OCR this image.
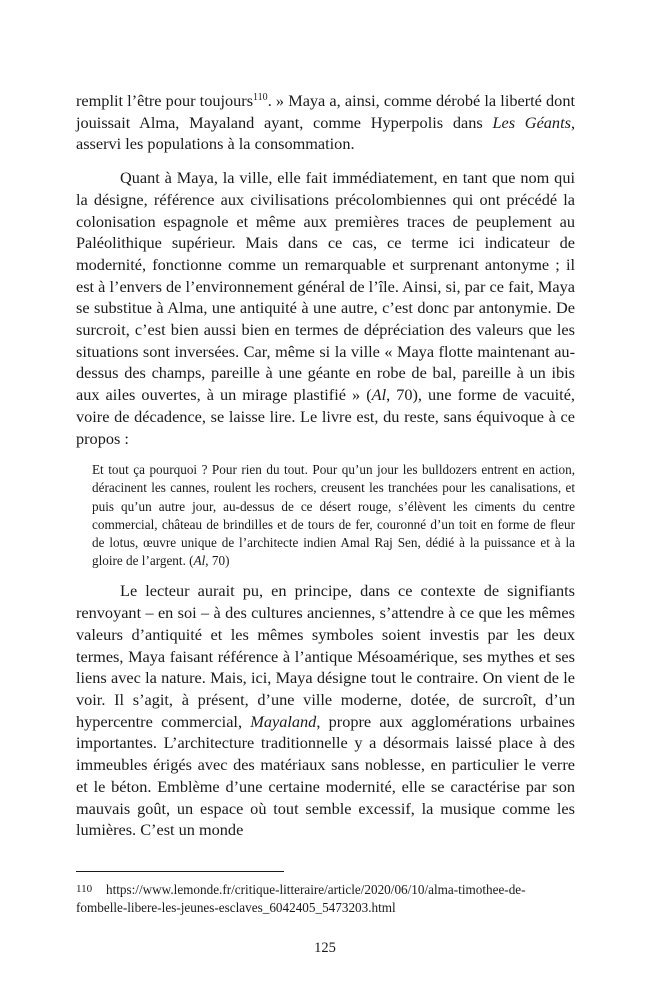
remplit l’être pour toujours$^{110}$. » Maya a, ainsi, comme dérobé la liberté dont jouissait Alma, Mayaland ayant, comme Hyperpolis dans Les Géants, asservi les populations à la consommation.

Quant à Maya, la ville, elle fait immédiatement, en tant que nom qui la désigne, référence aux civilisations précolombiennes qui ont précédé la colonisation espagnole et même aux premières traces de peuplement au Paléolithique supérieur. Mais dans ce cas, ce terme ici indicateur de modernité, fonctionne comme un remarquable et surprenant antonyme ; il est à l’envers de l’environnement général de l’île. Ainsi, si, par ce fait, Maya se substitue à Alma, une antiquité à une autre, c’est donc par antonymie. De surcroit, c’est bien aussi bien en termes de dépréciation des valeurs que les situations sont inversées. Car, même si la ville « Maya flotte maintenant au-dessus des champs, pareille à une géante en robe de bal, pareille à un ibis aux ailes ouvertes, à un mirage plastifié » (Al, 70), une forme de vacuité, voire de décadence, se laisse lire. Le livre est, du reste, sans équivoque à ce propos :

Et tout ça pourquoi ? Pour rien du tout. Pour qu’un jour les bulldozers entrent en action, déracinent les cannes, roulent les rochers, creusent les tranchées pour les canalisations, et puis qu’un autre jour, au-dessus de ce désert rouge, s’élèvent les ciments du centre commercial, château de brindilles et de tours de fer, couronné d’un toit en forme de fleur de lotus, œuvre unique de l’architecte indien Amal Raj Sen, dédié à la puissance et à la gloire de l’argent. (Al, 70)

Le lecteur aurait pu, en principe, dans ce contexte de signifiants renvoyant – en soi – à des cultures anciennes, s’attendre à ce que les mêmes valeurs d’antiquité et les mêmes symboles soient investis par les deux termes, Maya faisant référence à l’antique Mésoamérique, ses mythes et ses liens avec la nature. Mais, ici, Maya désigne tout le contraire. On vient de le voir. Il s’agit, à présent, d’une ville moderne, dotée, de surcroît, d’un hypercentre commercial, Mayaland, propre aux agglomérations urbaines importantes. L’architecture traditionnelle y a désormais laissé place à des immeubles érigés avec des matériaux sans noblesse, en particulier le verre et le béton. Emblème d’une certaine modernité, elle se caractérise par son mauvais goût, un espace où tout semble excessif, la musique comme les lumières. C’est un monde

110 https://www.lemonde.fr/critique-litteraire/article/2020/06/10/alma-timothee-de-fombelle-libere-les-jeunes-esclaves_6042405_5473203.html
125
